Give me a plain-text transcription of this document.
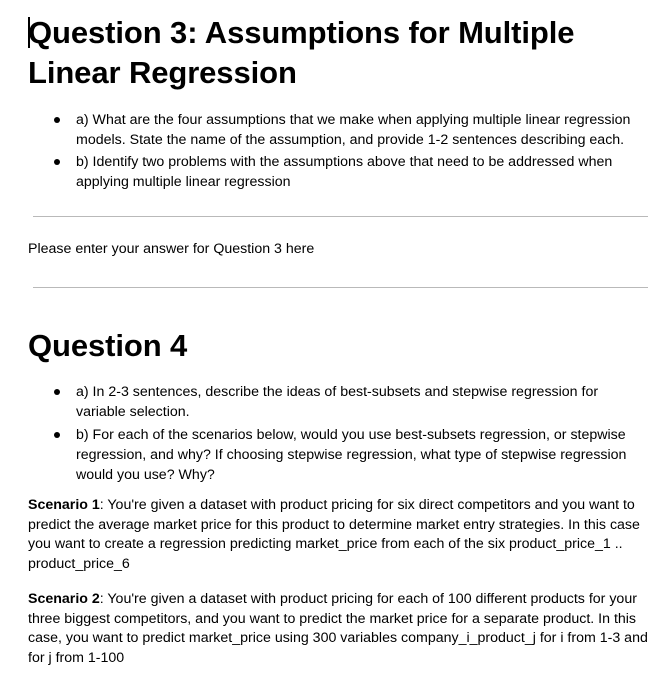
Question 3: Assumptions for Multiple Linear Regression
a) What are the four assumptions that we make when applying multiple linear regression models. State the name of the assumption, and provide 1-2 sentences describing each.
b) Identify two problems with the assumptions above that need to be addressed when applying multiple linear regression
Please enter your answer for Question 3 here
Question 4
a) In 2-3 sentences, describe the ideas of best-subsets and stepwise regression for variable selection.
b) For each of the scenarios below, would you use best-subsets regression, or stepwise regression, and why? If choosing stepwise regression, what type of stepwise regression would you use? Why?

Scenario 1: You're given a dataset with product pricing for six direct competitors and you want to predict the average market price for this product to determine market entry strategies. In this case you want to create a regression predicting market_price from each of the six product_price_1 .. product_price_6

Scenario 2: You're given a dataset with product pricing for each of 100 different products for your three biggest competitors, and you want to predict the market price for a separate product. In this case, you want to predict market_price using 300 variables company_i_product_j for i from 1-3 and for j from 1-100
